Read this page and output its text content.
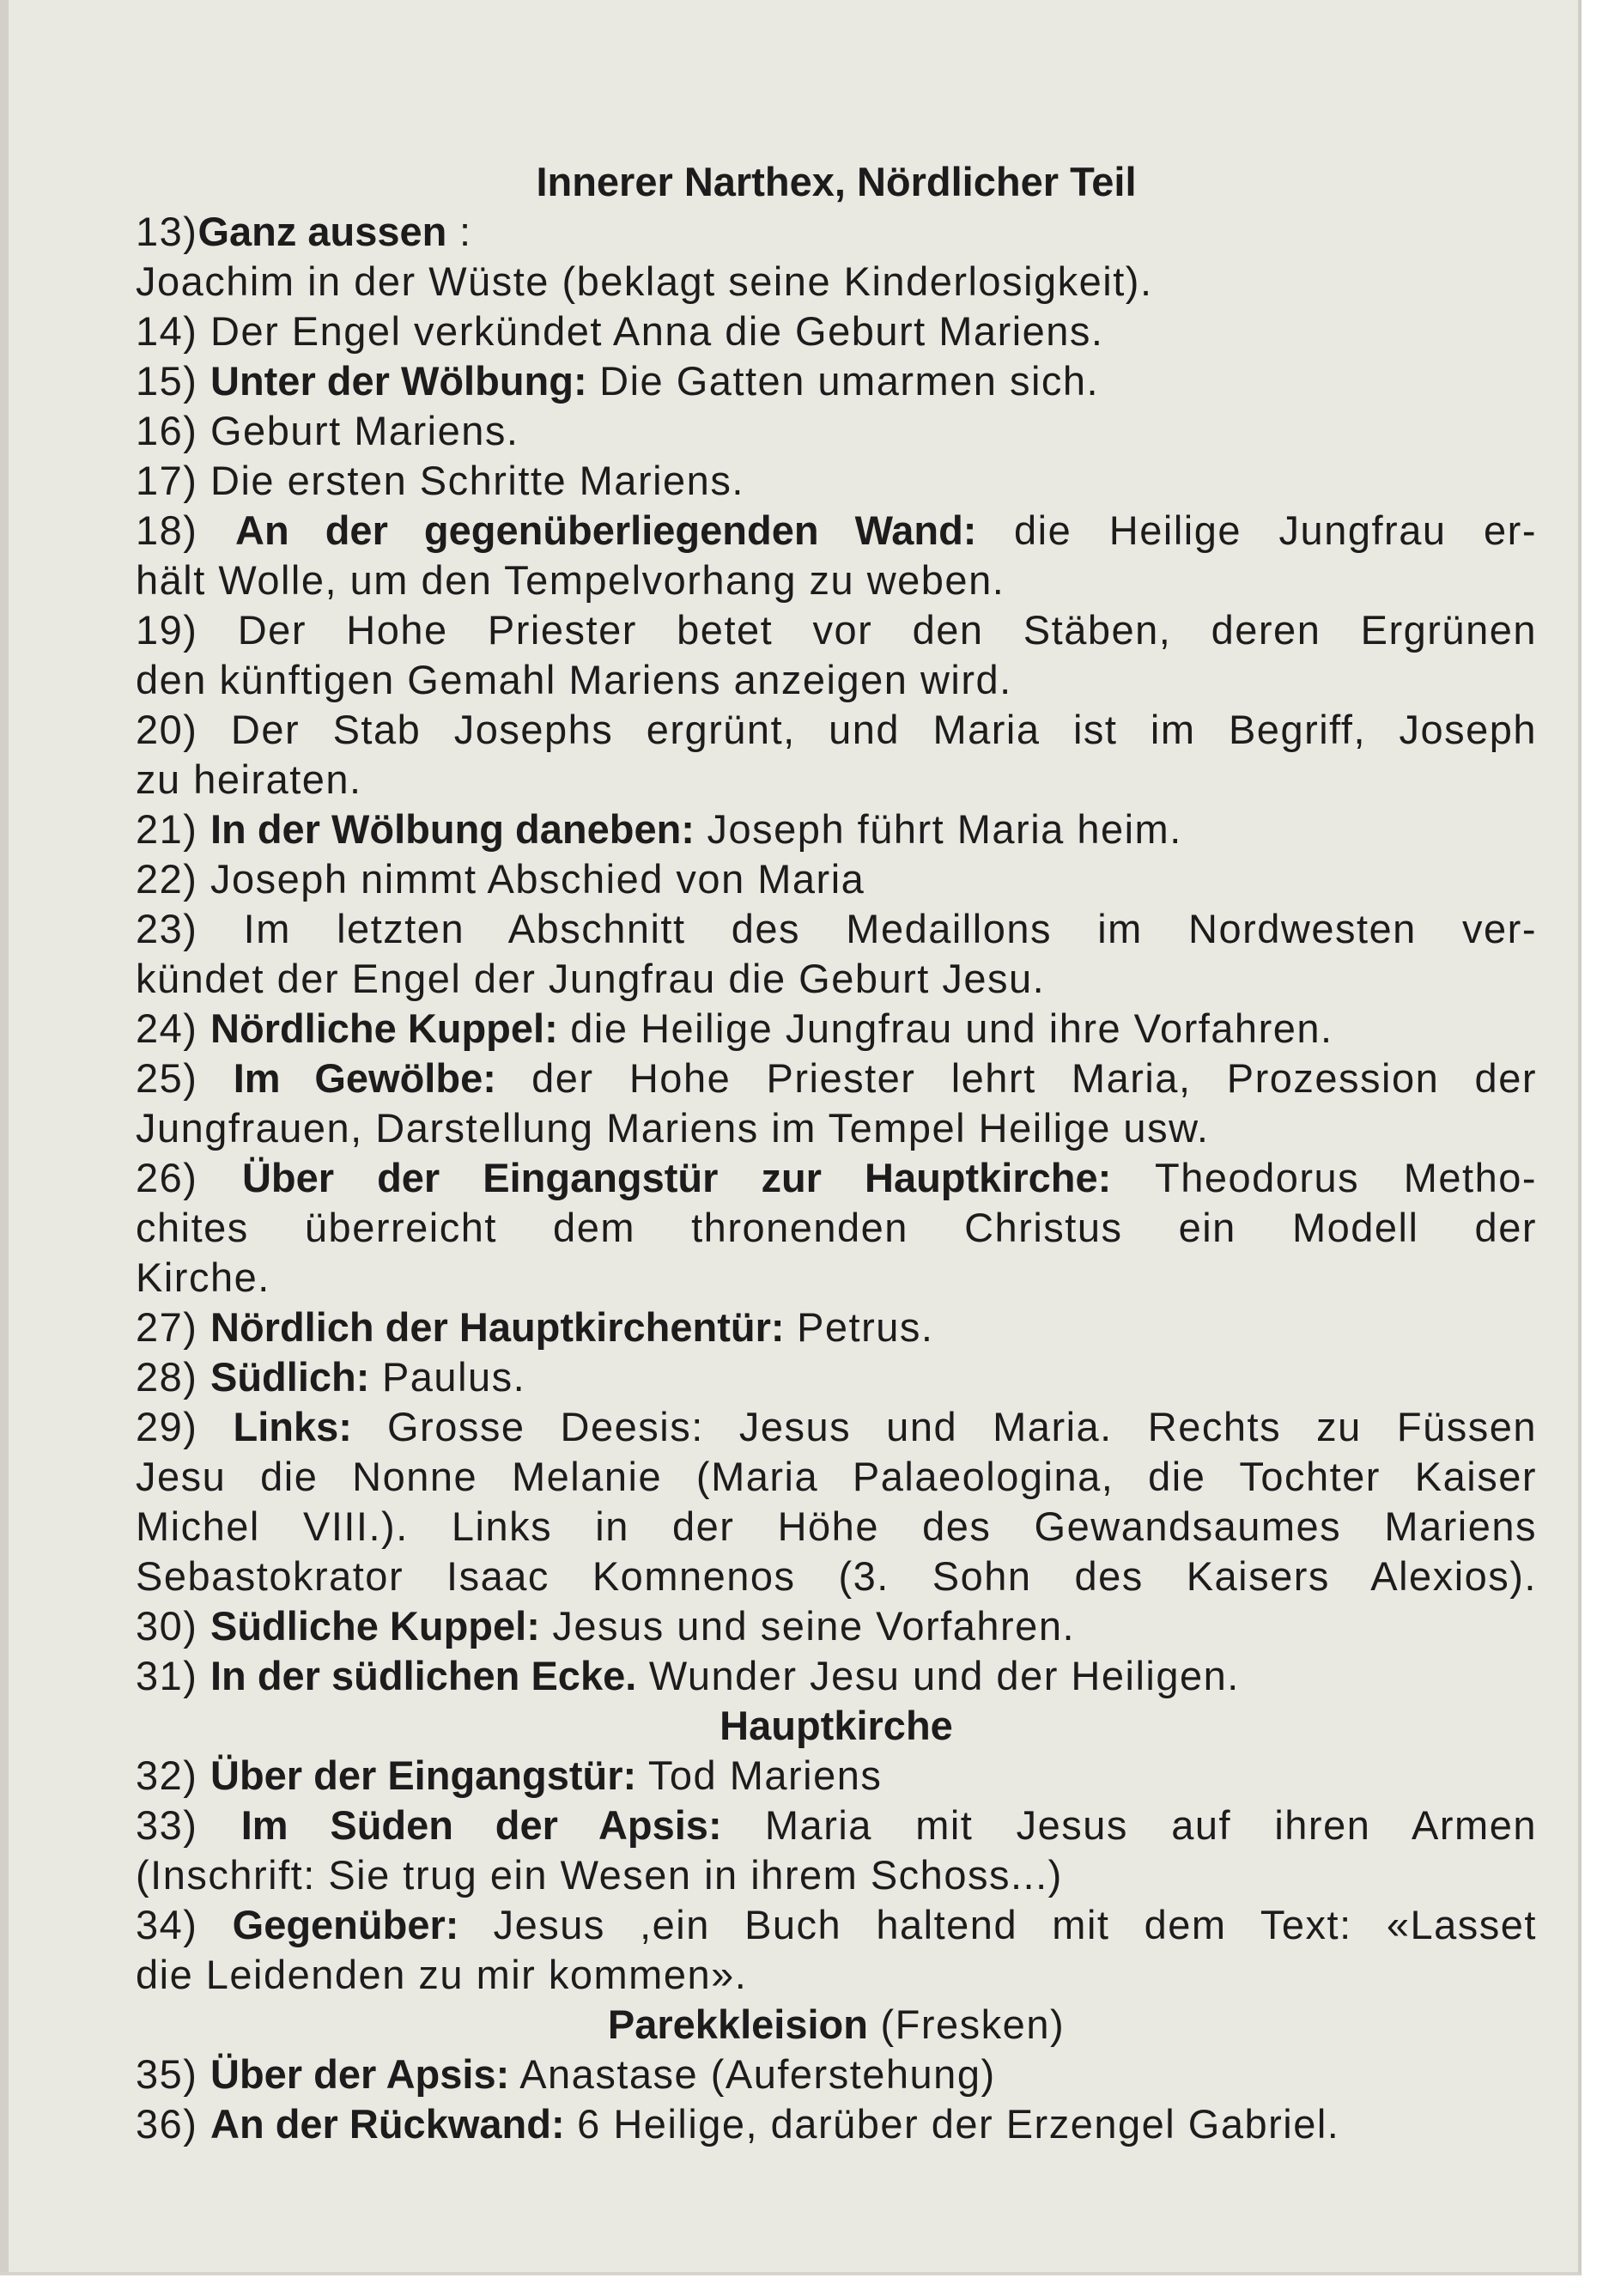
Innerer Narthex, Nördlicher Teil
13)Ganz aussen :
Joachim in der Wüste (beklagt seine Kinderlosigkeit).
14) Der Engel verkündet Anna die Geburt Mariens.
15) Unter der Wölbung: Die Gatten umarmen sich.
16) Geburt Mariens.
17) Die ersten Schritte Mariens.
18) An der gegenüberliegenden Wand: die Heilige Jungfrau er-
hält Wolle, um den Tempelvorhang zu weben.
19) Der Hohe Priester betet vor den Stäben, deren Ergrünen
den künftigen Gemahl Mariens anzeigen wird.
20) Der Stab Josephs ergrünt, und Maria ist im Begriff, Joseph
zu heiraten.
21) In der Wölbung daneben: Joseph führt Maria heim.
22) Joseph nimmt Abschied von Maria
23) Im letzten Abschnitt des Medaillons im Nordwesten ver-
kündet der Engel der Jungfrau die Geburt Jesu.
24) Nördliche Kuppel: die Heilige Jungfrau und ihre Vorfahren.
25) Im Gewölbe: der Hohe Priester lehrt Maria, Prozession der
Jungfrauen, Darstellung Mariens im Tempel Heilige usw.
26) Über der Eingangstür zur Hauptkirche: Theodorus Metho-
chites überreicht dem thronenden Christus ein Modell der
Kirche.
27) Nördlich der Hauptkirchentür: Petrus.
28) Südlich: Paulus.
29) Links: Grosse Deesis: Jesus und Maria. Rechts zu Füssen
Jesu die Nonne Melanie (Maria Palaeologina, die Tochter Kaiser
Michel VIII.). Links in der Höhe des Gewandsaumes Mariens
Sebastokrator Isaac Komnenos (3. Sohn des Kaisers Alexios).
30) Südliche Kuppel: Jesus und seine Vorfahren.
31) In der südlichen Ecke. Wunder Jesu und der Heiligen.
Hauptkirche
32) Über der Eingangstür: Tod Mariens
33) Im Süden der Apsis: Maria mit Jesus auf ihren Armen
(Inschrift: Sie trug ein Wesen in ihrem Schoss...)
34) Gegenüber: Jesus ,ein Buch haltend mit dem Text: «Lasset
die Leidenden zu mir kommen».
Parekkleision (Fresken)
35) Über der Apsis: Anastase (Auferstehung)
36) An der Rückwand: 6 Heilige, darüber der Erzengel Gabriel.
